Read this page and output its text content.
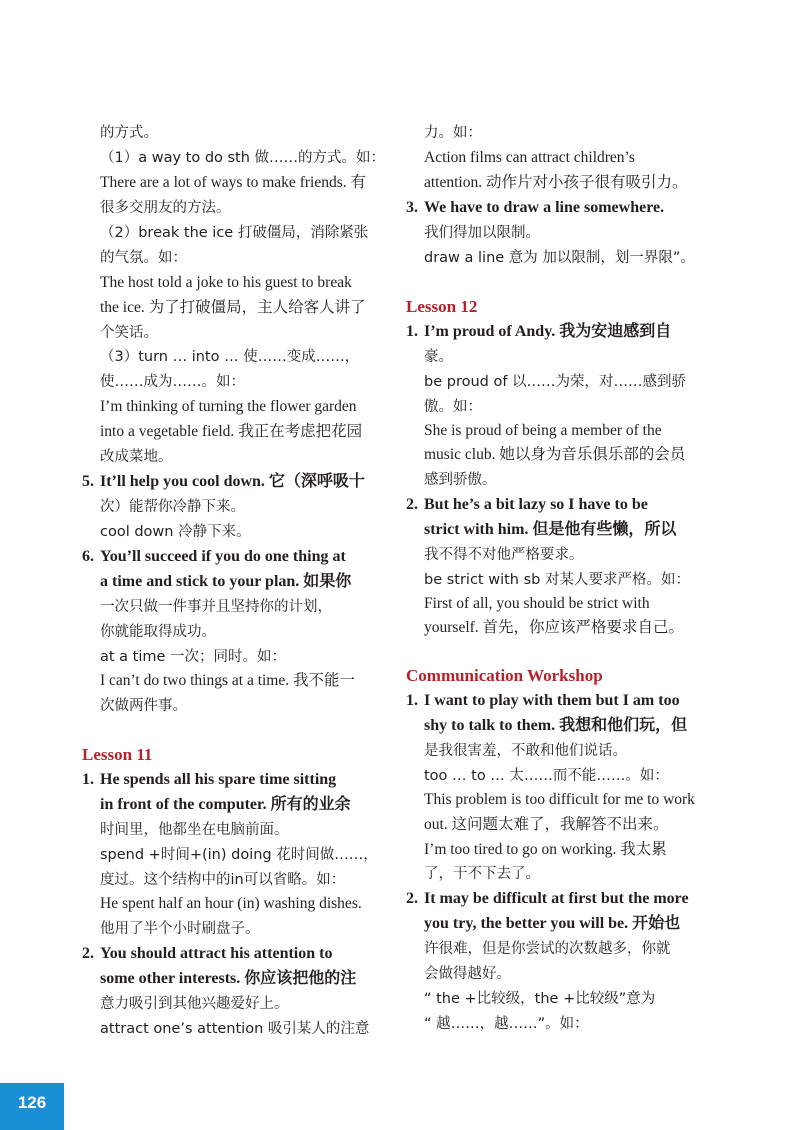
的方式。
（1）a way to do sth 做……的方式。如：
There are a lot of ways to make friends. 有
很多交朋友的方法。
（2）break the ice 打破僵局，消除紧张
的气氛。如：
The host told a joke to his guest to break
the ice. 为了打破僵局，主人给客人讲了
个笑话。
（3）turn … into … 使……变成……，
使……成为……。如：
I’m thinking of turning the flower garden
into a vegetable field. 我正在考虑把花园
改成菜地。
5. It’ll help you cool down. 它（深呼吸十
次）能帮你冷静下来。
cool down 冷静下来。
6. You’ll succeed if you do one thing at
a time and stick to your plan. 如果你
一次只做一件事并且坚持你的计划，
你就能取得成功。
at a time 一次；同时。如：
I can’t do two things at a time. 我不能一
次做两件事。
Lesson 11
1. He spends all his spare time sitting
in front of the computer. 所有的业余
时间里，他都坐在电脑前面。
spend +时间+(in) doing 花时间做……，
度过。这个结构中的in可以省略。如：
He spent half an hour (in) washing dishes.
他用了半个小时刷盘子。
2. You should attract his attention to
some other interests. 你应该把他的注
意力吸引到其他兴趣爱好上。
attract one’s attention 吸引某人的注意
力。如：
Action films can attract children’s
attention. 动作片对小孩子很有吸引力。
3. We have to draw a line somewhere.
我们得加以限制。
draw a line 意为 加以限制，划一界限”。
Lesson 12
1. I’m proud of Andy. 我为安迪感到自
豪。
be proud of 以……为荣，对……感到骄
傲。如：
She is proud of being a member of the
music club. 她以身为音乐俱乐部的会员
感到骄傲。
2. But he’s a bit lazy so I have to be
strict with him. 但是他有些懒，所以
我不得不对他严格要求。
be strict with sb 对某人要求严格。如：
First of all, you should be strict with
yourself. 首先，你应该严格要求自己。
Communication Workshop
1. I want to play with them but I am too
shy to talk to them. 我想和他们玩，但
是我很害羞，不敢和他们说话。
too … to … 太……而不能……。如：
This problem is too difficult for me to work
out. 这问题太难了，我解答不出来。
I’m too tired to go on working. 我太累
了，干不下去了。
2. It may be difficult at first but the more
you try, the better you will be. 开始也
许很难，但是你尝试的次数越多，你就
会做得越好。
“ the +比较级，the +比较级”意为
“ 越……，越……”。如：
126
